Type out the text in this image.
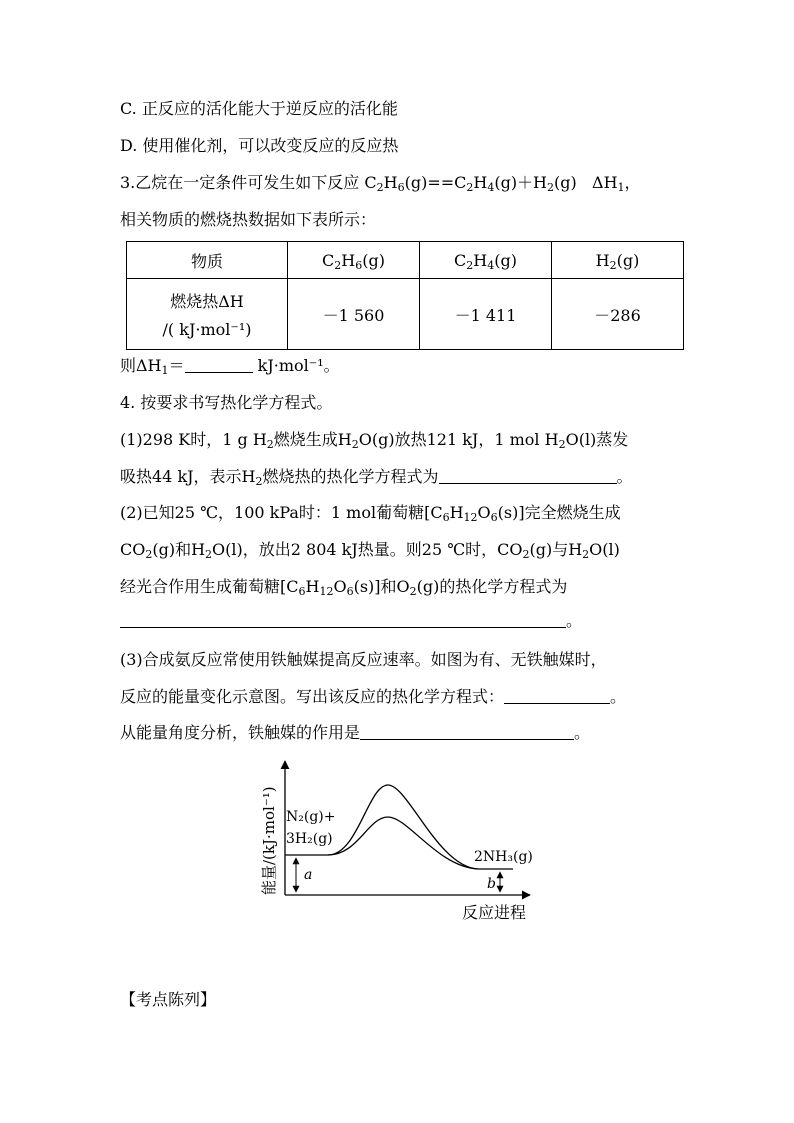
C. 正反应的活化能大于逆反应的活化能
D. 使用催化剂，可以改变反应的反应热
3.乙烷在一定条件可发生如下反应 $C_2H_6(g)==C_2H_4(g)+H_2(g)$ $\Delta H_1$，
相关物质的燃烧热数据如下表所示：
物质	$C_2H_6(g)$	$C_2H_4(g)$	$H_2(g)$

燃烧热ΔH
/( kJ·mol⁻¹)	－1 560	－1 411	－286
则$\Delta H_1=$	kJ·mol⁻¹。
4. 按要求书写热化学方程式。
(1)298 K时，1 g $H_2$燃烧生成$H_2O(g)$放热121 kJ，1 mol $H_2O(l)$蒸发
吸热44 kJ，表示$H_2$燃烧热的热化学方程式为	。
(2)已知25 ℃，100 kPa时：1 mol葡萄糖$[C_6H_{12}O_6(s)]$完全燃烧生成
$CO_2(g)$和$H_2O(l)$，放出2 804 kJ热量。则25 ℃时，$CO_2(g)$与$H_2O(l)$
经光合作用生成葡萄糖$[C_6H_{12}O_6(s)]$和$O_2(g)$的热化学方程式为
。
(3)合成氨反应常使用铁触媒提高反应速率。如图为有、无铁触媒时，
反应的能量变化示意图。写出该反应的热化学方程式：	。
从能量角度分析，铁触媒的作用是	。
能量/(kJ·mol⁻¹)
反应进程
N₂(g)+
3H₂(g)
2NH₃(g)
a
b
【考点陈列】
